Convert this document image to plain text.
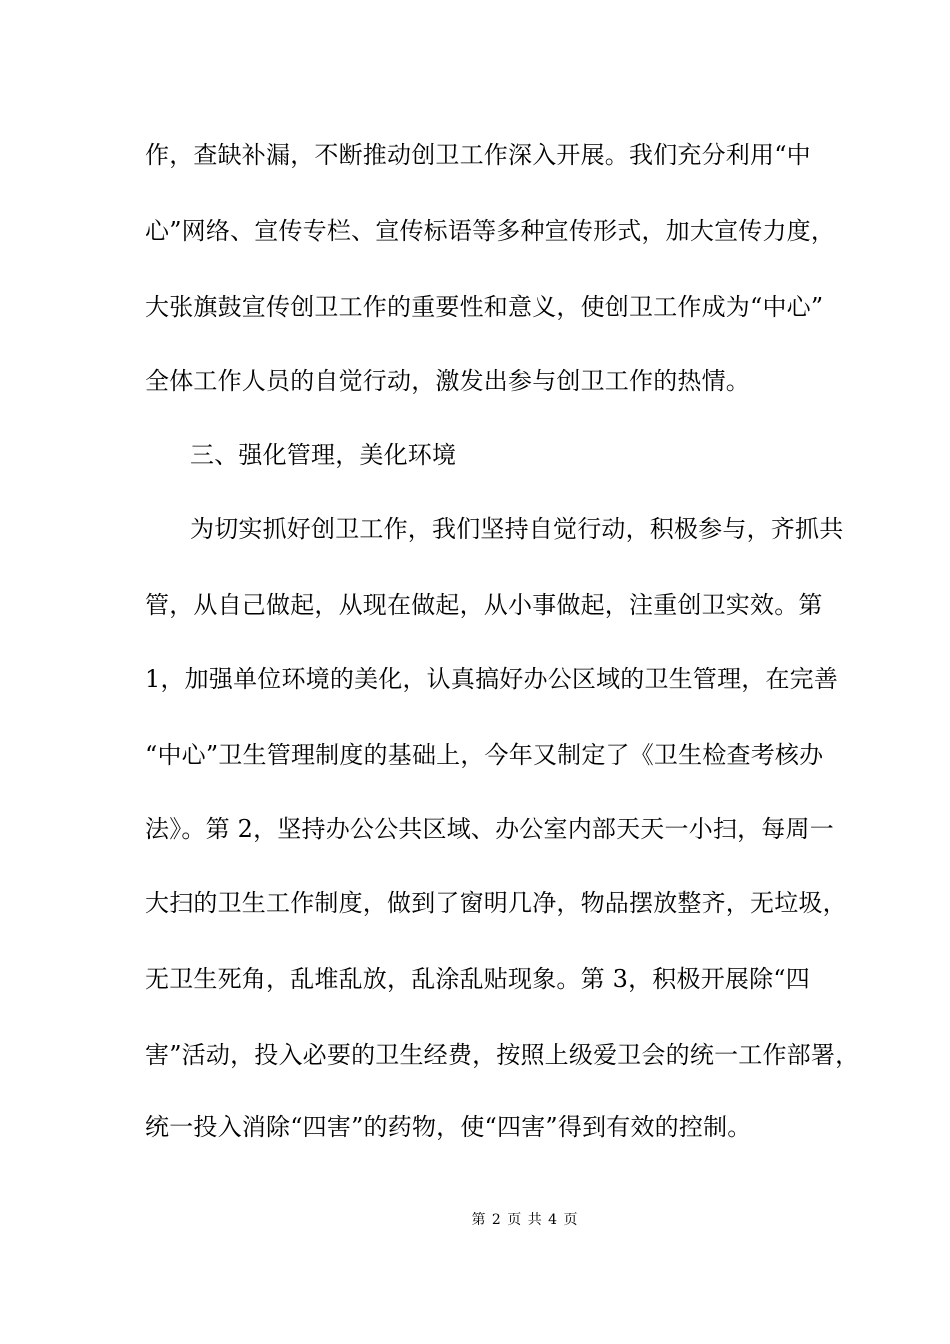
作，查缺补漏，不断推动创卫工作深入开展。我们充分利用“中
心”网络、宣传专栏、宣传标语等多种宣传形式，加大宣传力度，
大张旗鼓宣传创卫工作的重要性和意义，使创卫工作成为“中心”
全体工作人员的自觉行动，激发出参与创卫工作的热情。
三、强化管理，美化环境
为切实抓好创卫工作，我们坚持自觉行动，积极参与，齐抓共
管，从自己做起，从现在做起，从小事做起，注重创卫实效。第
1，加强单位环境的美化，认真搞好办公区域的卫生管理，在完善
“中心”卫生管理制度的基础上，今年又制定了《卫生检查考核办
法》。第 2，坚持办公公共区域、办公室内部天天一小扫，每周一
大扫的卫生工作制度，做到了窗明几净，物品摆放整齐，无垃圾，
无卫生死角，乱堆乱放，乱涂乱贴现象。第 3，积极开展除“四
害”活动，投入必要的卫生经费，按照上级爱卫会的统一工作部署，
统一投入消除“四害”的药物，使“四害”得到有效的控制。
第 2 页 共 4 页
